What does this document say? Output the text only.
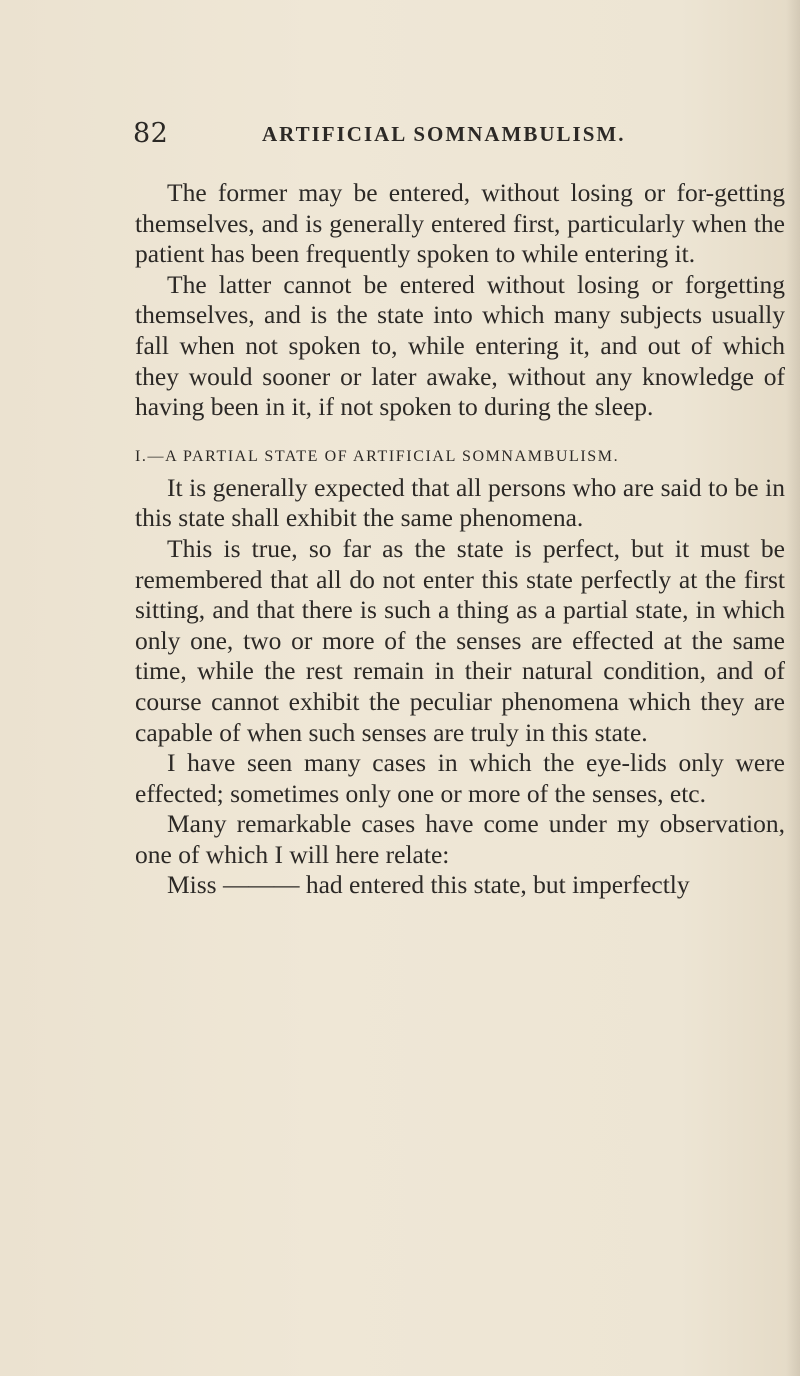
82	ARTIFICIAL SOMNAMBULISM.

The former may be entered, without losing or for-getting themselves, and is generally entered first, particularly when the patient has been frequently spoken to while entering it.

The latter cannot be entered without losing or forgetting themselves, and is the state into which many subjects usually fall when not spoken to, while entering it, and out of which they would sooner or later awake, without any knowledge of having been in it, if not spoken to during the sleep.

I.—A PARTIAL STATE OF ARTIFICIAL SOMNAMBULISM.

It is generally expected that all persons who are said to be in this state shall exhibit the same phenomena.

This is true, so far as the state is perfect, but it must be remembered that all do not enter this state perfectly at the first sitting, and that there is such a thing as a partial state, in which only one, two or more of the senses are effected at the same time, while the rest remain in their natural condition, and of course cannot exhibit the peculiar phenomena which they are capable of when such senses are truly in this state.

I have seen many cases in which the eye-lids only were effected; sometimes only one or more of the senses, etc.

Many remarkable cases have come under my observation, one of which I will here relate:

Miss ——— had entered this state, but imperfectly
